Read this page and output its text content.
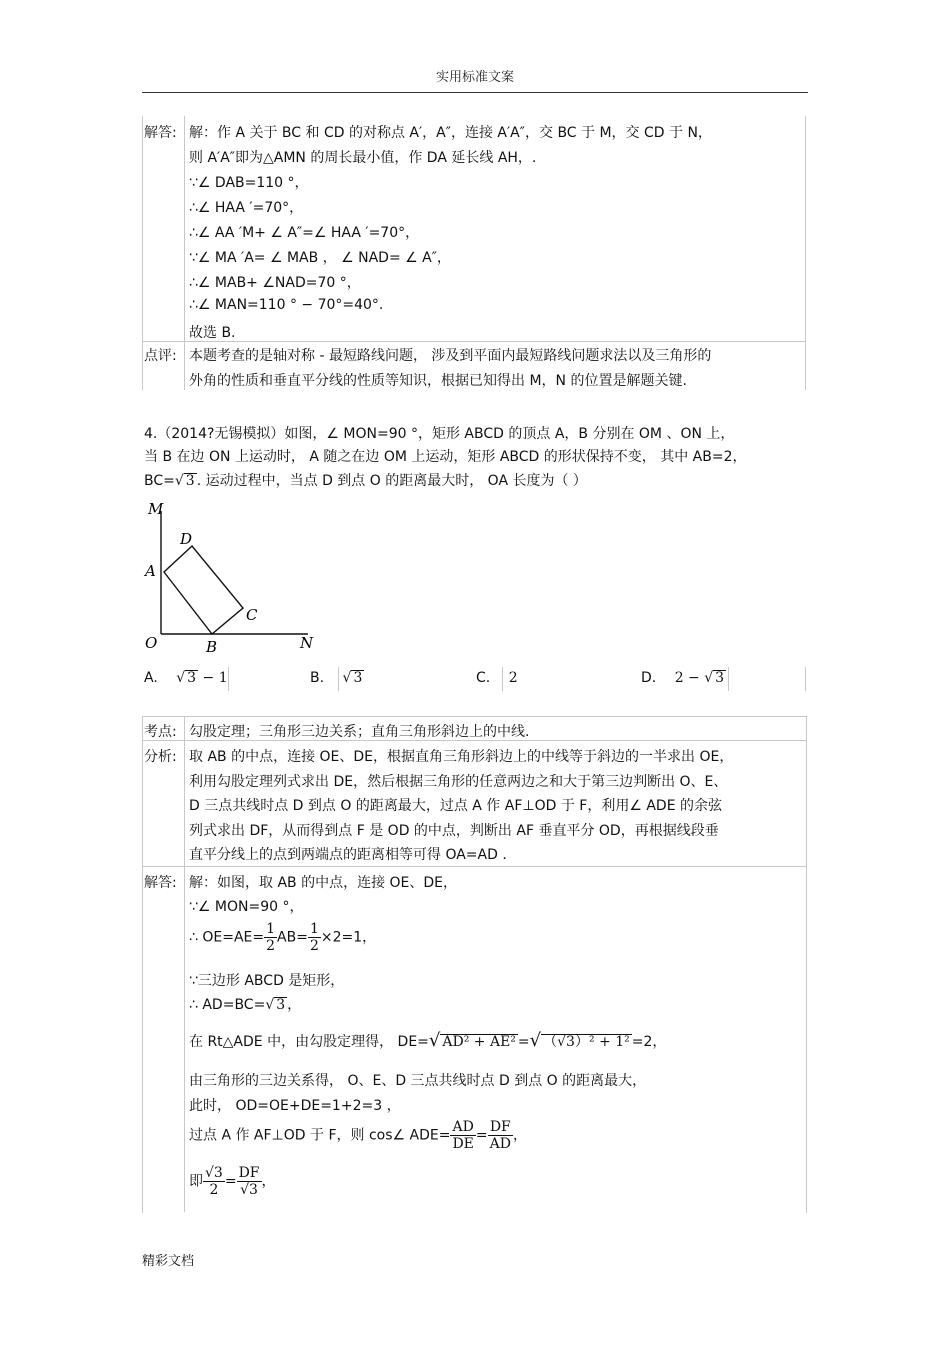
实用标准文案
解答: 解：作 A 关于 BC 和 CD 的对称点 A′，A″，连接 A′A″，交 BC 于 M，交 CD 于 N，
则 A′A″即为△AMN 的周长最小值，作 DA 延长线 AH，.
∵∠ DAB=110 °，
∴∠ HAA ′=70°，
∴∠ AA ′M+ ∠ A″=∠ HAA ′=70°，
∵∠ MA ′A= ∠ MAB ， ∠ NAD= ∠ A″，
∴∠ MAB+ ∠NAD=70 °，
∴∠ MAN=110 ° − 70°=40°.
故选 B.
点评: 本题考查的是轴对称 - 最短路线问题， 涉及到平面内最短路线问题求法以及三角形的
外角的性质和垂直平分线的性质等知识，根据已知得出 M，N 的位置是解题关键.
4.（2014?无锡模拟）如图，∠ MON=90 °，矩形 ABCD 的顶点 A，B 分别在 OM 、ON 上，
当 B 在边 ON 上运动时， A 随之在边 OM 上运动，矩形 ABCD 的形状保持不变， 其中 AB=2，
BC=√ 3 . 运动过程中，当点 D 到点 O 的距离最大时， OA 长度为（ ）
M
D
A
C
O	B	N
A. √ 3 − 1	B. √ 3	C. 2	D. 2 − √ 3
考点: 勾股定理；三角形三边关系；直角三角形斜边上的中线.
分析: 取 AB 的中点，连接 OE、DE，根据直角三角形斜边上的中线等于斜边的一半求出 OE，
利用勾股定理列式求出 DE，然后根据三角形的任意两边之和大于第三边判断出 O、E、
D 三点共线时点 D 到点 O 的距离最大，过点 A 作 AF⊥OD 于 F，利用∠ ADE 的余弦
列式求出 DF，从而得到点 F 是 OD 的中点，判断出 AF 垂直平分 OD，再根据线段垂
直平分线上的点到两端点的距离相等可得 OA=AD .
解答: 解：如图，取 AB 的中点，连接 OE、DE，
∵∠ MON=90 °，
∴ $OE=AE= \frac{1}{2} AB= \frac{1}{2} \times 2=1$，
∵三边形 ABCD 是矩形，
∴ AD=BC=√ 3 ，
在 Rt△ADE 中，由勾股定理得， DE=√ AD² + AE² =√ （√3）² + 1² =2，
由三角形的三边关系得， O、E、D 三点共线时点 D 到点 O 的距离最大，
此时， OD=OE+DE=1+2=3 ，
过点 A 作 AF⊥OD 于 F，则 cos∠ $ADE= \frac{AD}{DE} = \frac{DF}{AD}$ ，
即 $\frac{√3}{2} = \frac{DF}{√3}$ ，
精彩文档
